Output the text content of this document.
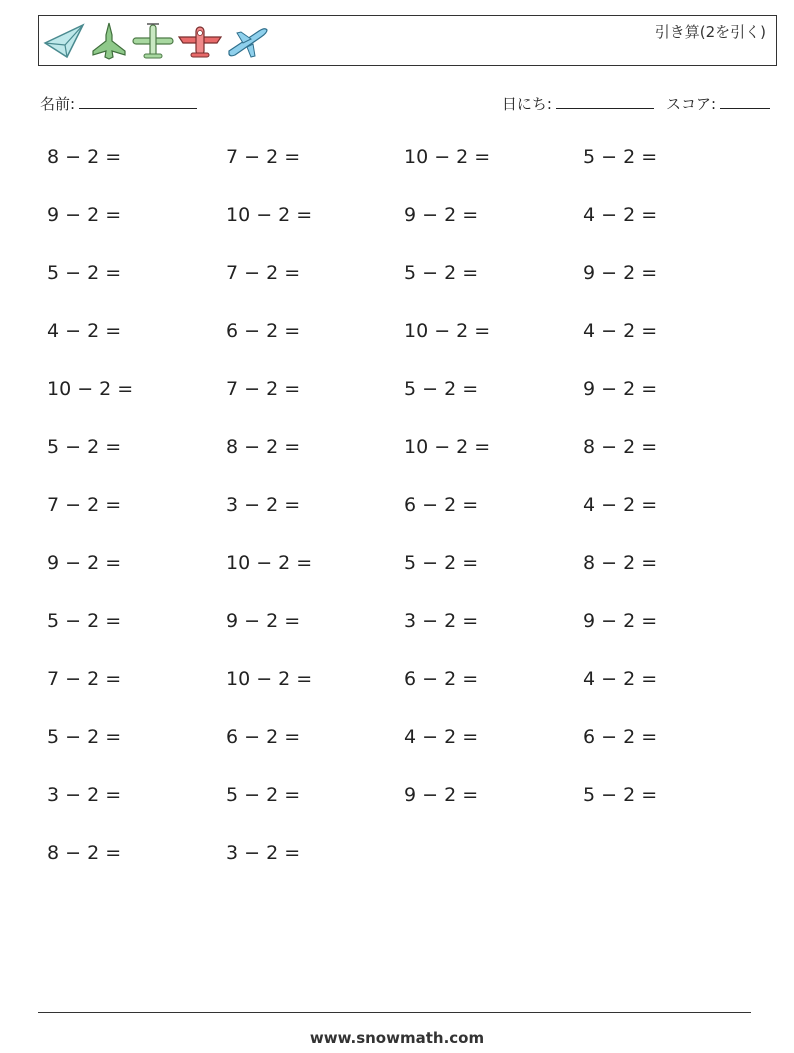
引き算(2を引く)
名前:	日にち:	スコア:
8 − 2 =	7 − 2 =	10 − 2 =	5 − 2 =
9 − 2 =	10 − 2 =	9 − 2 =	4 − 2 =
5 − 2 =	7 − 2 =	5 − 2 =	9 − 2 =
4 − 2 =	6 − 2 =	10 − 2 =	4 − 2 =
10 − 2 =	7 − 2 =	5 − 2 =	9 − 2 =
5 − 2 =	8 − 2 =	10 − 2 =	8 − 2 =
7 − 2 =	3 − 2 =	6 − 2 =	4 − 2 =
9 − 2 =	10 − 2 =	5 − 2 =	8 − 2 =
5 − 2 =	9 − 2 =	3 − 2 =	9 − 2 =
7 − 2 =	10 − 2 =	6 − 2 =	4 − 2 =
5 − 2 =	6 − 2 =	4 − 2 =	6 − 2 =
3 − 2 =	5 − 2 =	9 − 2 =	5 − 2 =
8 − 2 =	3 − 2 =
www.snowmath.com
